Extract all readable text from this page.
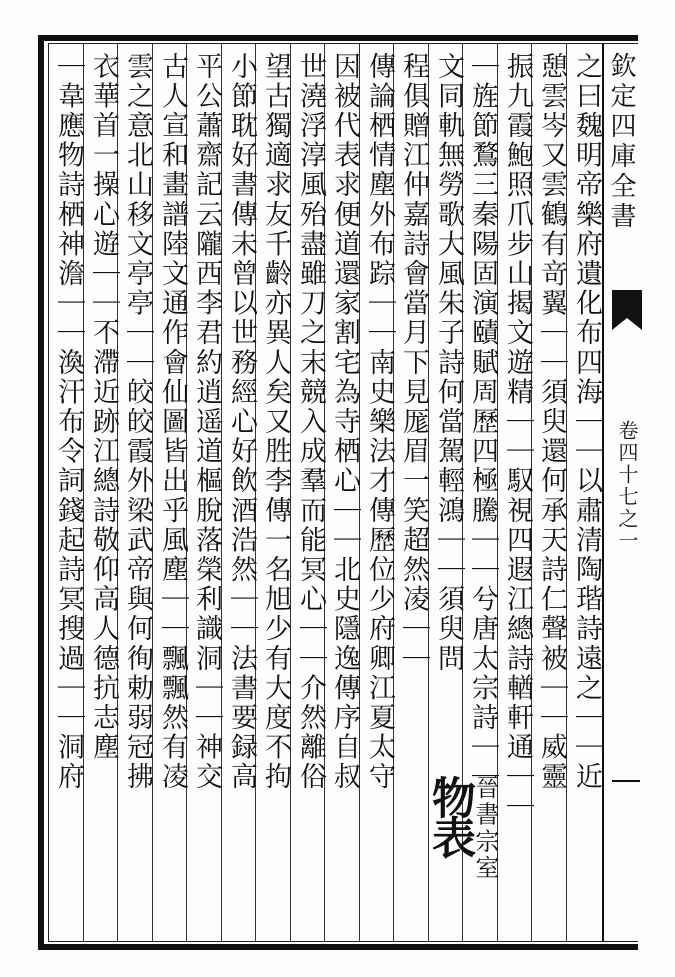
欽定四庫全書
卷四十七之一
之曰魏明帝樂府遺化布四海｜｜以肅清陶瑎詩遠之｜｜近
憩雲岑又雲鶴有竒翼｜｜須臾還何承天詩仁聲被｜｜威靈
振九霞鮑照爪步山揭文遊精｜｜馭視四遐江總詩輶軒通｜｜
｜旌節鶩三秦陽固演賾賦周歷四極騰｜｜兮唐太宗詩｜｜
文同軌無勞歌大風朱子詩何當駕輕鴻｜｜須臾問
程俱贈江仲嘉詩會當月下見厖眉一笑超然凌｜｜
傳論栖情塵外布踪｜｜南史樂法才傳歷位少府卿江夏太守
因被代表求便道還家割宅為寺栖心｜｜北史隱逸傳序自叔
世澆浮淳風殆盡雖刀之末競入成羣而能冥心｜｜介然離俗
望古獨適求友千齡亦異人矣又胜李傳一名旭少有大度不拘
小節耽好書傳未曾以世務經心好飲酒浩然｜｜法書要録高
平公蕭齋記云隴西李君約逍遥道樞脫落榮利識洞｜｜神交
古人宣和畫譜陸文通作會仙圖皆出乎風塵｜｜飄飄然有凌
雲之意北山移文亭亭｜｜皎皎霞外梁武帝與何徇勅弱冠拂
衣華首一操心遊｜｜不滯近跡江總詩敬仰高人德抗志塵
｜韋應物詩栖神澹｜｜渙汗布令詞錢起詩冥搜過｜｜洞府
物表
晉書宗室
